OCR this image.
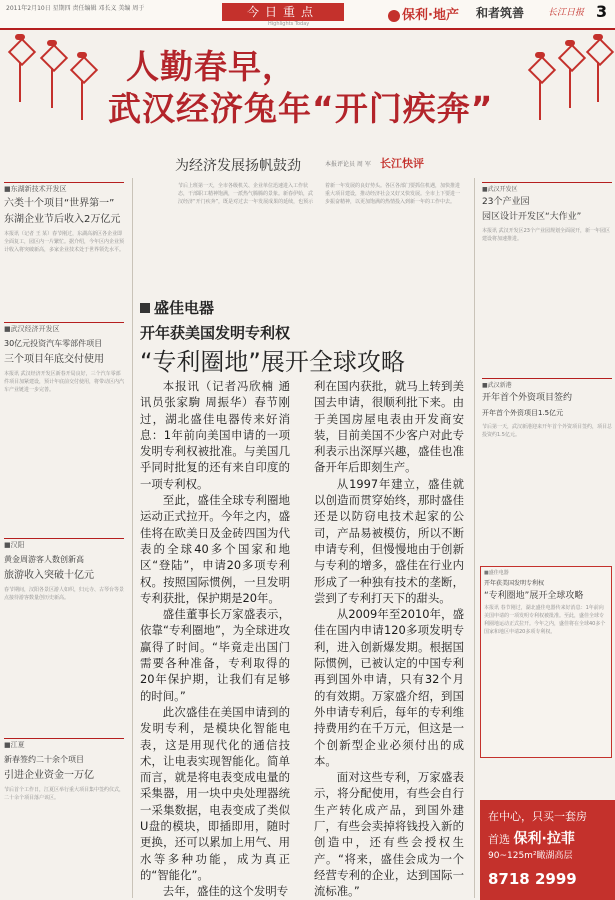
2011年2月10日 星期四 责任编辑 邓长义 美编 周于	今日重点
Highlights Today
保利·地产 和者筑善	长江日报 3
人勤春早，
武汉经济兔年“开门疾奔”
为经济发展扬帆鼓劲	本报评论员 周 军 长江快评
节后上班第一天，全市各级机关、企业单位迅速进入工作状态，干部职工精神饱满，一派热气腾腾的景象。新春伊始，武汉经济“开门疾奔”，既是对过去一年发展成果的延续，也预示着新一年发展的良好势头。各区各部门要抓住机遇，加快推进重大项目建设，推动经济社会又好又快发展。全市上下要进一步振奋精神，以更加饱满的热情投入到新一年的工作中去。
■东湖新技术开发区
六类十个项目“世界第一”
东湖企业节后收入2万亿元
本报讯（记者 王 某）春节刚过，东湖高新区各企业即全面复工，园区内一片繁忙。据介绍，今年区内企业预计收入将突破新高，多家企业技术处于世界领先水平。
■武汉经济开发区
30亿元投资汽车零部件项目
三个项目年底交付使用
本报讯 武汉经济开发区新春开局良好，三个汽车零部件项目加紧建设，预计年底前交付使用，将带动区内汽车产业链进一步完善。
■汉阳
黄金周游客人数创新高
旅游收入突破十亿元
春节期间，汉阳各景区游人如织，归元寺、古琴台等景点接待游客数量创历史新高。
■江夏
新春签约二十余个项目
引进企业资金一万亿
节后首个工作日，江夏区举行重大项目集中签约仪式，二十余个项目落户该区。
盛佳电器
开年获美国发明专利权
“专利圈地”展开全球攻略

本报讯（记者冯欣楠 通讯员张家駒 周振华）春节刚过，湖北盛佳电器传来好消息：1年前向美国申请的一项发明专利权被批准。与美国几乎同时批复的还有来自印度的一项专利权。

至此，盛佳全球专利圈地运动正式拉开。今年之内，盛佳将在欧美日及金砖四国为代表的全球40多个国家和地区“登陆”，申请20多项专利权。按照国际惯例，一旦发明专利获批，保护期是20年。

盛佳董事长万家盛表示，依靠“专利圈地”，为全球进攻赢得了时间。“毕竟走出国门需要各种准备，专利取得的20年保护期，让我们有足够的时间。”

此次盛佳在美国申请到的发明专利，是模块化智能电表，这是用现代化的通信技术，让电表实现智能化。简单而言，就是将电表变成电量的采集器，用一块中央处理器统一采集数据，电表变成了类似U盘的模块，即插即用，随时更换，还可以累加上用气、用水等多种功能，成为真正的“智能化”。

去年，盛佳的这个发明专

利在国内获批，就马上转到美国去申请，很顺利批下来。由于美国房屋电表由开发商安装，目前美国不少客户对此专利表示出深厚兴趣，盛佳也准备开年后即刻生产。

从1997年建立，盛佳就以创造而贯穿始终，那时盛佳还是以防窃电技术起家的公司，产品易被模仿，所以不断申请专利，但慢慢地由于创新与专利的增多，盛佳在行业内形成了一种独有技术的垄断，尝到了专利打天下的甜头。

从2009年至2010年，盛佳在国内申请120多项发明专利，进入创新爆发期。根据国际惯例，已被认定的中国专利再到国外申请，只有32个月的有效期。万家盛介绍，到国外申请专利后，每年的专利维持费用约在千万元，但这是一个创新型企业必须付出的成本。

面对这些专利，万家盛表示，将分配使用，有些会自行生产转化成产品，到国外建厂，有些会卖掉将钱投入新的创造中，还有些会授权生产。“将来，盛佳会成为一个经营专利的企业，达到国际一流标准。”

■武汉开发区
23个产业园
园区设计开发区“大作业”
本报讯 武汉开发区23个产业园规划全面展开，新一年园区建设将加速推进。
■武汉新港
开年首个外资项目签约
开年首个外资项目1.5亿元
节后第一天，武汉新港迎来开年首个外资项目签约，项目总投资约1.5亿元。
■盛佳电器
开年获美国发明专利权
“专利圈地”展开全球攻略
本报讯 春节刚过，湖北盛佳电器传来好消息：1年前向美国申请的一项发明专利权被批准。至此，盛佳全球专利圈地运动正式拉开。今年之内，盛佳将在全球40多个国家和地区申请20多项专利权。
在中心，只买一套房
首选 保利·拉菲
90~125m²瞰湖高层
8718 2999
